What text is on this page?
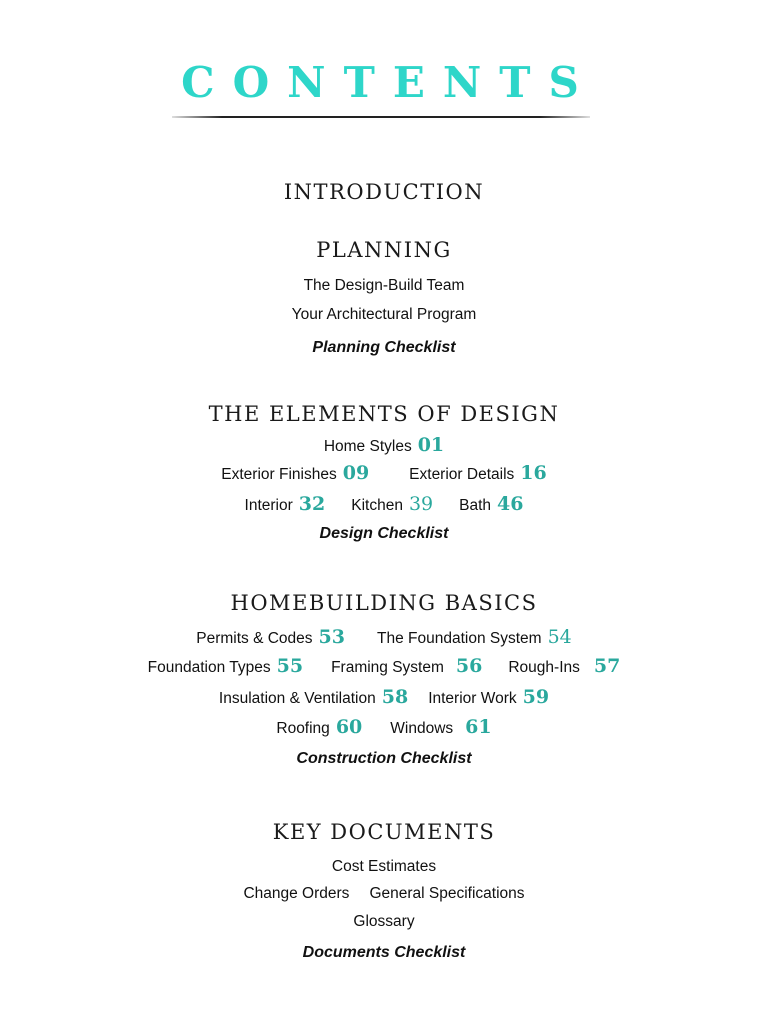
CONTENTS
INTRODUCTION
PLANNING
The Design-Build Team
Your Architectural Program
Planning Checklist
THE ELEMENTS OF DESIGN
Home Styles 01
Exterior Finishes 09	Exterior Details 16
Interior 32 Kitchen 39 Bath 46
Design Checklist
HOMEBUILDING BASICS
Permits & Codes 53 The Foundation System 54
Foundation Types 55 Framing System 56 Rough-Ins 57
Insulation & Ventilation 58 Interior Work 59
Roofing 60 Windows 61
Construction Checklist
KEY DOCUMENTS
Cost Estimates
Change Orders General Specifications
Glossary
Documents Checklist
